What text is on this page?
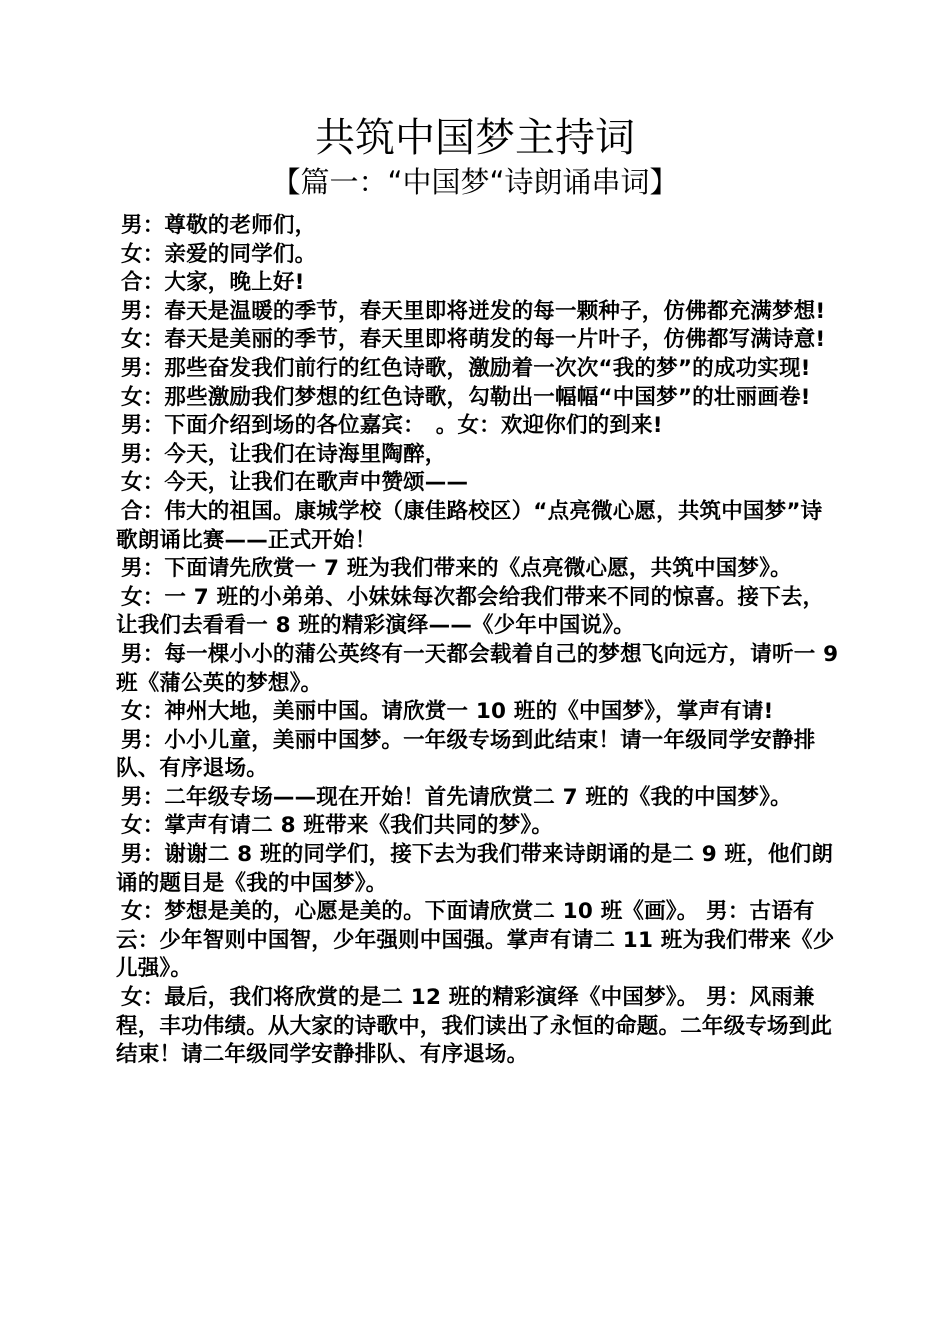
共筑中国梦主持词
【篇一：“中国梦“诗朗诵串词】

男：尊敬的老师们，

女：亲爱的同学们。

合：大家，晚上好!

男：春天是温暖的季节，春天里即将迸发的每一颗种子，仿佛都充满梦想!

女：春天是美丽的季节，春天里即将萌发的每一片叶子，仿佛都写满诗意!

男：那些奋发我们前行的红色诗歌，激励着一次次“我的梦”的成功实现!

女：那些激励我们梦想的红色诗歌，勾勒出一幅幅“中国梦”的壮丽画卷!

男：下面介绍到场的各位嘉宾：　。女：欢迎你们的到来!

男：今天，让我们在诗海里陶醉，

女：今天，让我们在歌声中赞颂——

合：伟大的祖国。康城学校（康佳路校区）“点亮微心愿，共筑中国梦”诗歌朗诵比赛——正式开始！

男：下面请先欣赏一 7 班为我们带来的《点亮微心愿，共筑中国梦》。

女：一 7 班的小弟弟、小妹妹每次都会给我们带来不同的惊喜。接下去，让我们去看看一 8 班的精彩演绎——《少年中国说》。

男：每一棵小小的蒲公英终有一天都会载着自己的梦想飞向远方，请听一 9 班《蒲公英的梦想》。

女：神州大地，美丽中国。请欣赏一 10 班的《中国梦》，掌声有请!

男：小小儿童，美丽中国梦。一年级专场到此结束！请一年级同学安静排队、有序退场。

男：二年级专场——现在开始！首先请欣赏二 7 班的《我的中国梦》。

女：掌声有请二 8 班带来《我们共同的梦》。

男：谢谢二 8 班的同学们，接下去为我们带来诗朗诵的是二 9 班，他们朗诵的题目是《我的中国梦》。

女：梦想是美的，心愿是美的。下面请欣赏二 10 班《画》。 男：古语有云：少年智则中国智，少年强则中国强。掌声有请二 11 班为我们带来《少儿强》。

女：最后，我们将欣赏的是二 12 班的精彩演绎《中国梦》。 男：风雨兼程，丰功伟绩。从大家的诗歌中，我们读出了永恒的命题。二年级专场到此结束！请二年级同学安静排队、有序退场。
